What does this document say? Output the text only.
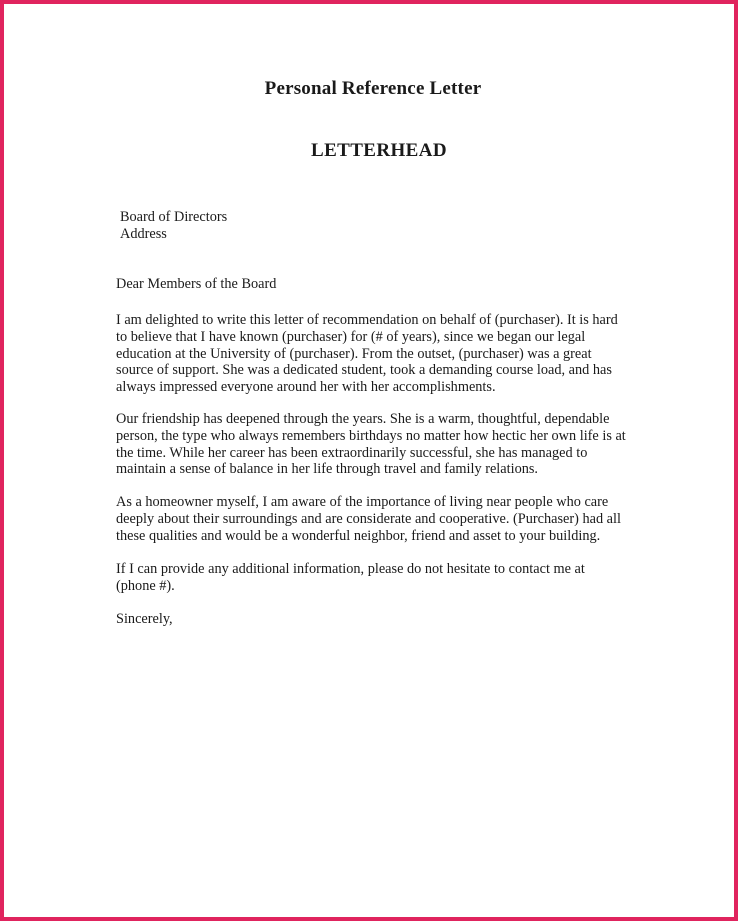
Personal Reference Letter
LETTERHEAD
Board of Directors
Address
Dear Members of the Board
I am delighted to write this letter of recommendation on behalf of (purchaser). It is hard
to believe that I have known (purchaser) for (# of years), since we began our legal
education at the University of (purchaser). From the outset, (purchaser) was a great
source of support. She was a dedicated student, took a demanding course load, and has
always impressed everyone around her with her accomplishments.
Our friendship has deepened through the years. She is a warm, thoughtful, dependable
person, the type who always remembers birthdays no matter how hectic her own life is at
the time. While her career has been extraordinarily successful, she has managed to
maintain a sense of balance in her life through travel and family relations.
As a homeowner myself, I am aware of the importance of living near people who care
deeply about their surroundings and are considerate and cooperative. (Purchaser) had all
these qualities and would be a wonderful neighbor, friend and asset to your building.
If I can provide any additional information, please do not hesitate to contact me at
(phone #).
Sincerely,
